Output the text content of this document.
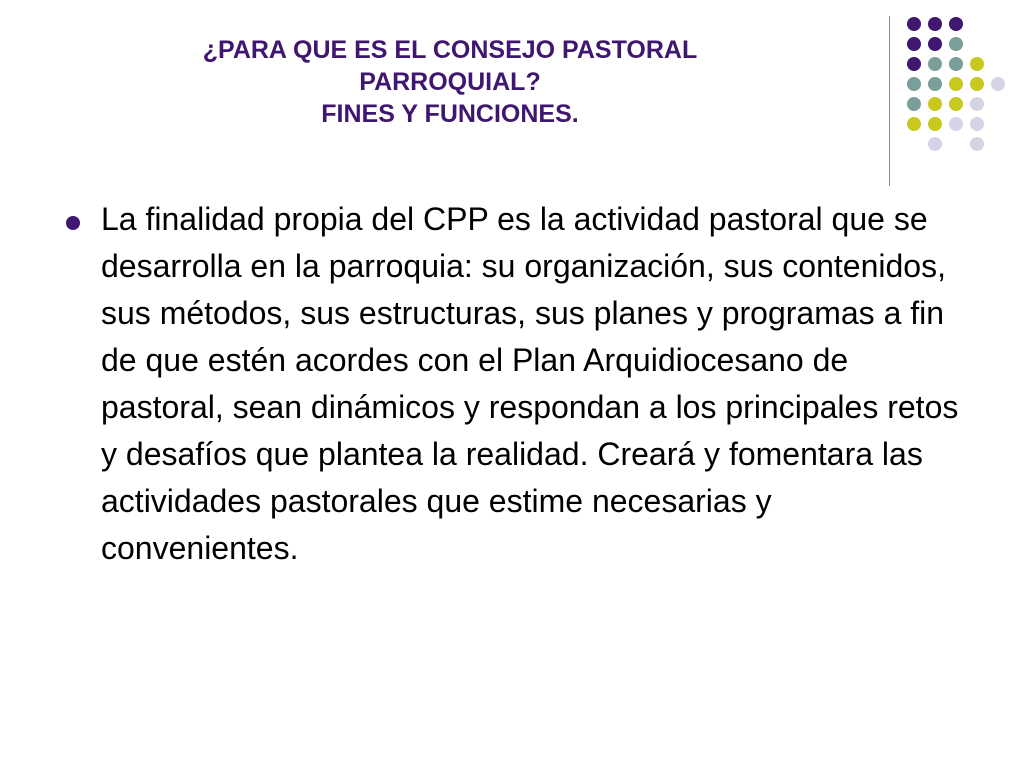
¿PARA QUE ES EL CONSEJO PASTORAL
PARROQUIAL?
FINES Y FUNCIONES.
La finalidad propia del CPP es la actividad pastoral que se desarrolla en la parroquia: su organización, sus contenidos, sus métodos, sus estructuras, sus planes y programas a fin de que estén acordes con el Plan Arquidiocesano de pastoral, sean dinámicos y respondan a los principales retos y desafíos que plantea la realidad. Creará y fomentara las actividades pastorales que estime necesarias y convenientes.
